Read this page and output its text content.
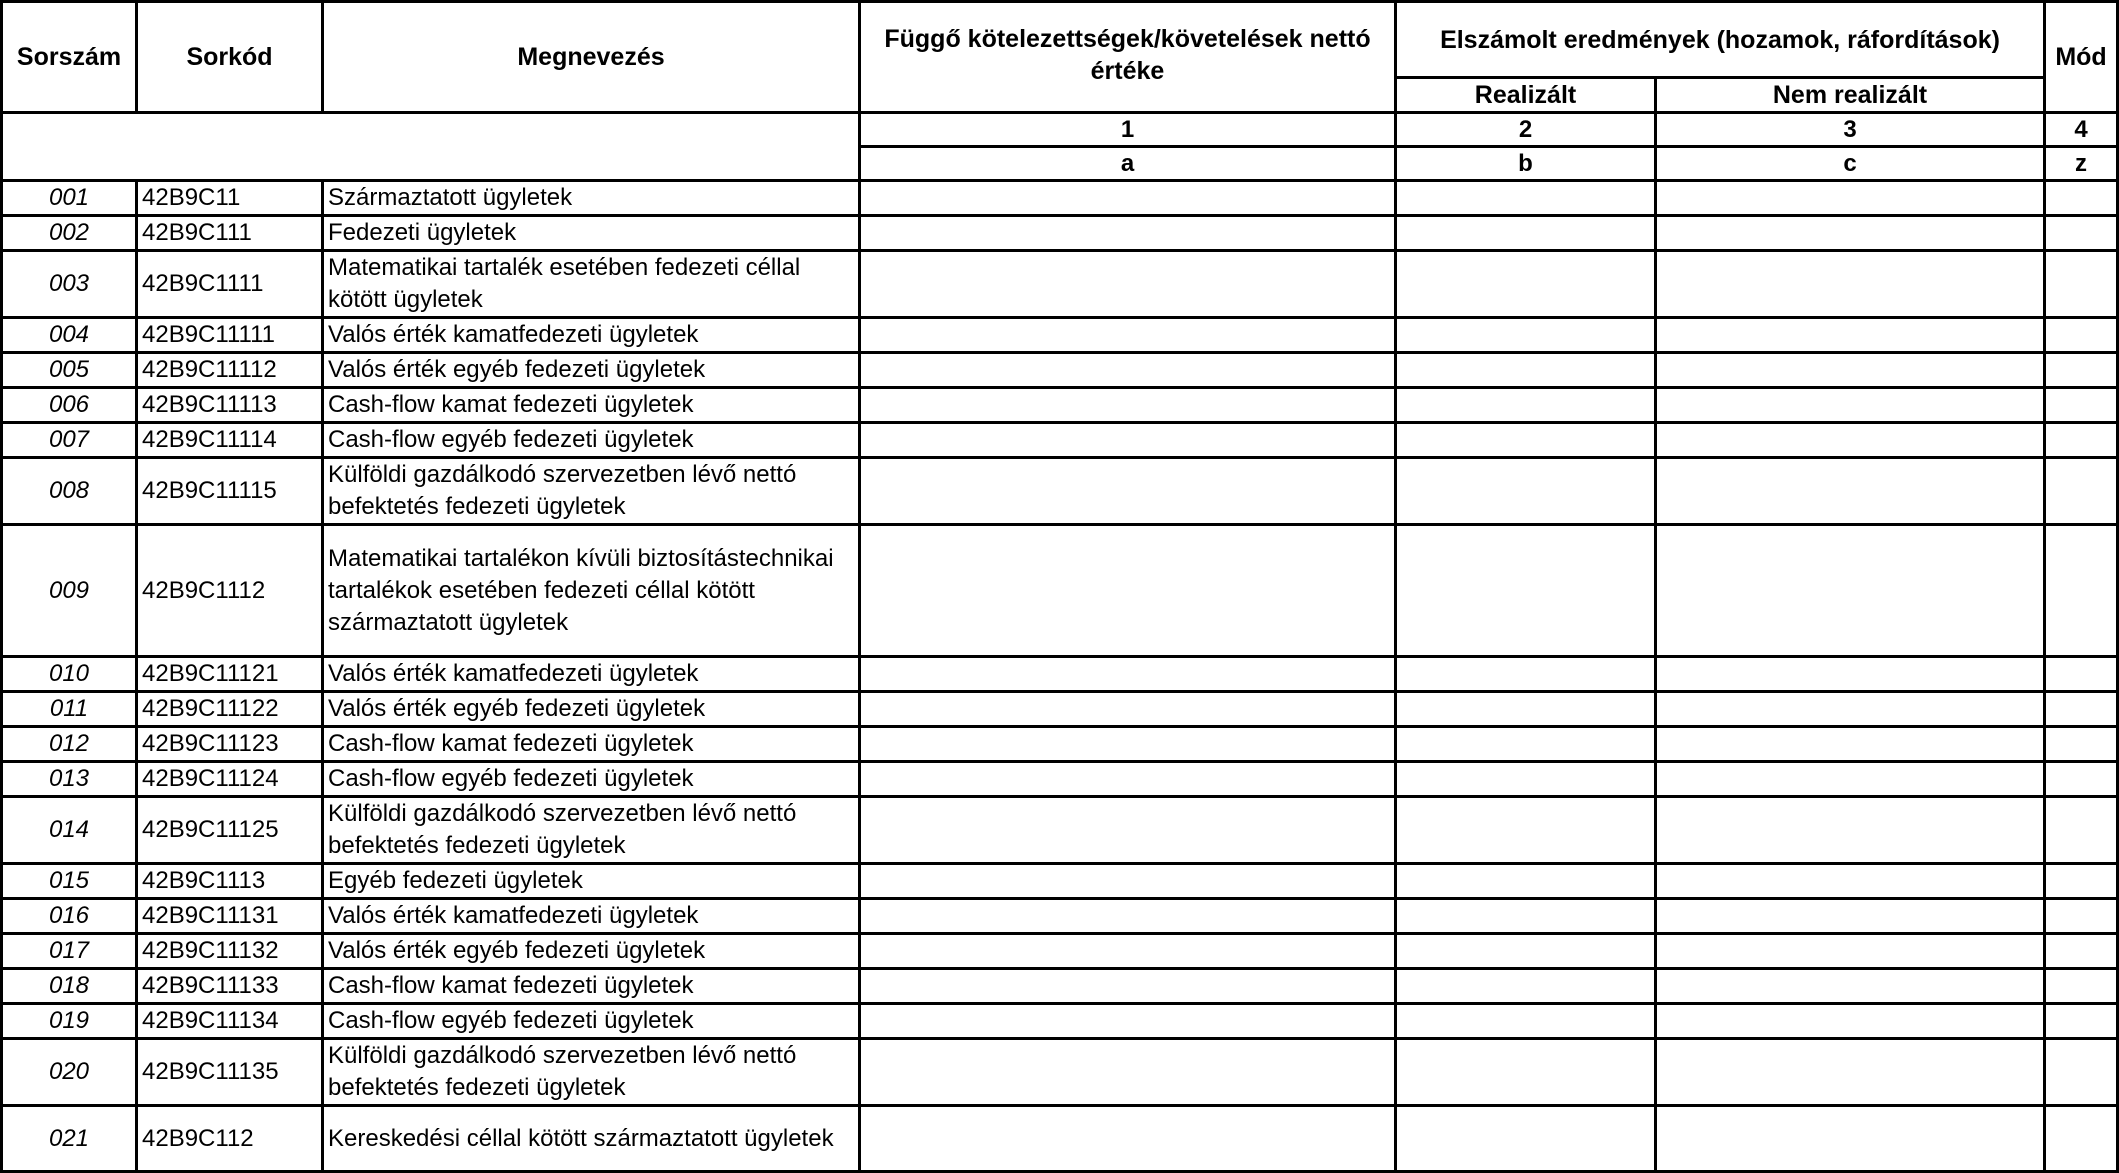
Sorszám	Sorkód	Megnevezés	Függő kötelezettségek/követelések nettó értéke	Elszámolt eredmények (hozamok, ráfordítások)		Mód
				Realizált	Nem realizált	
			1	2	3	4
			a	b	c	z
001	42B9C11	Származtatott ügyletek				
002	42B9C111	Fedezeti ügyletek				
003	42B9C1111	Matematikai tartalék esetében fedezeti céllal kötött ügyletek				
004	42B9C11111	Valós érték kamatfedezeti ügyletek				
005	42B9C11112	Valós érték egyéb fedezeti ügyletek				
006	42B9C11113	Cash-flow kamat fedezeti ügyletek				
007	42B9C11114	Cash-flow egyéb fedezeti ügyletek				
008	42B9C11115	Külföldi gazdálkodó szervezetben lévő nettó befektetés fedezeti ügyletek				
009	42B9C1112	Matematikai tartalékon kívüli biztosítástechnikai tartalékok esetében fedezeti céllal kötött származtatott ügyletek				
010	42B9C11121	Valós érték kamatfedezeti ügyletek				
011	42B9C11122	Valós érték egyéb fedezeti ügyletek				
012	42B9C11123	Cash-flow kamat fedezeti ügyletek				
013	42B9C11124	Cash-flow egyéb fedezeti ügyletek				
014	42B9C11125	Külföldi gazdálkodó szervezetben lévő nettó befektetés fedezeti ügyletek				
015	42B9C1113	Egyéb fedezeti ügyletek				
016	42B9C11131	Valós érték kamatfedezeti ügyletek				
017	42B9C11132	Valós érték egyéb fedezeti ügyletek				
018	42B9C11133	Cash-flow kamat fedezeti ügyletek				
019	42B9C11134	Cash-flow egyéb fedezeti ügyletek				
020	42B9C11135	Külföldi gazdálkodó szervezetben lévő nettó befektetés fedezeti ügyletek				
021	42B9C112	Kereskedési céllal kötött származtatott ügyletek				
